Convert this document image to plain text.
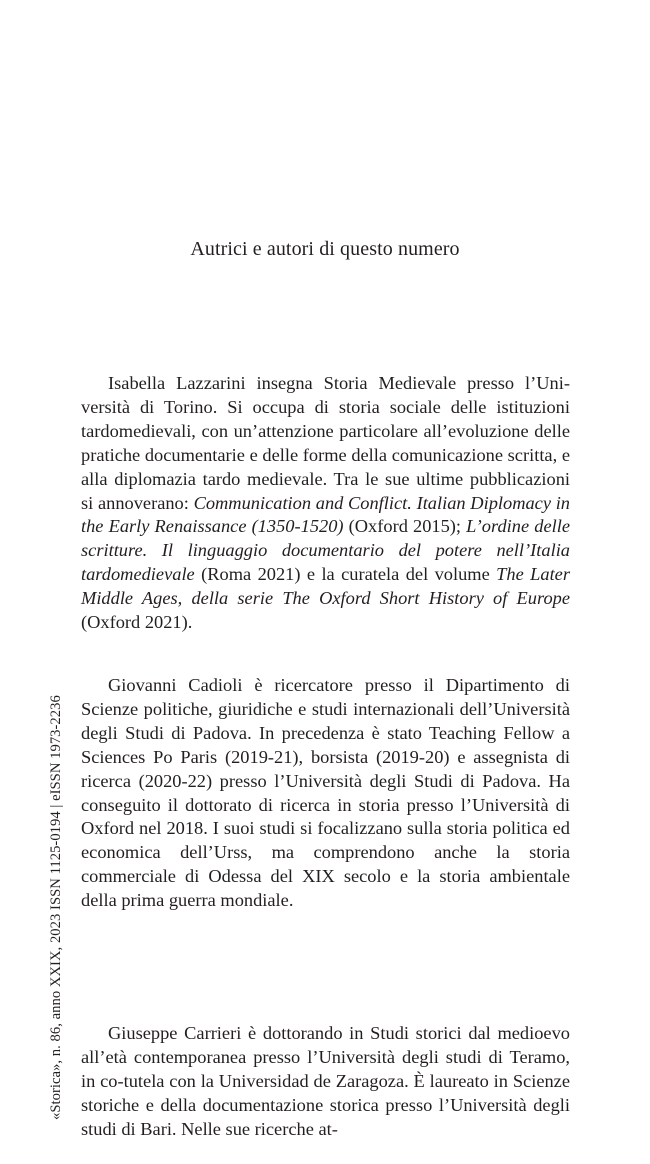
Autrici e autori di questo numero
«Storica», n. 86, anno XXIX, 2023 ISSN 1125-0194 | eISSN 1973-2236

Isabella Lazzarini insegna Storia Medievale presso l’Università di Torino. Si occupa di storia sociale delle istituzioni tardomedievali, con un’attenzione particolare all’evoluzione delle pratiche documentarie e delle forme della comunicazione scritta, e alla diplomazia tardo medievale. Tra le sue ultime pubblicazioni si annoverano: Communication and Conflict. Italian Diplomacy in the Early Renaissance (1350-1520) (Oxford 2015); L’ordine delle scritture. Il linguaggio documentario del potere nell’Italia tardomedievale (Roma 2021) e la curatela del volume The Later Middle Ages, della serie The Oxford Short History of Europe (Oxford 2021).

Giovanni Cadioli è ricercatore presso il Dipartimento di Scienze politiche, giuridiche e studi internazionali dell’Università degli Studi di Padova. In precedenza è stato Teaching Fellow a Sciences Po Paris (2019-21), borsista (2019-20) e assegnista di ricerca (2020-22) presso l’Università degli Studi di Padova. Ha conseguito il dottorato di ricerca in storia presso l’Università di Oxford nel 2018. I suoi studi si focalizzano sulla storia politica ed economica dell’Urss, ma comprendono anche la storia commerciale di Odessa del XIX secolo e la storia ambientale della prima guerra mondiale.

Giuseppe Carrieri è dottorando in Studi storici dal medioevo all’età contemporanea presso l’Università degli studi di Teramo, in co-tutela con la Universidad de Zaragoza. È laureato in Scienze storiche e della documentazione storica presso l’Università degli studi di Bari. Nelle sue ricerche at-
